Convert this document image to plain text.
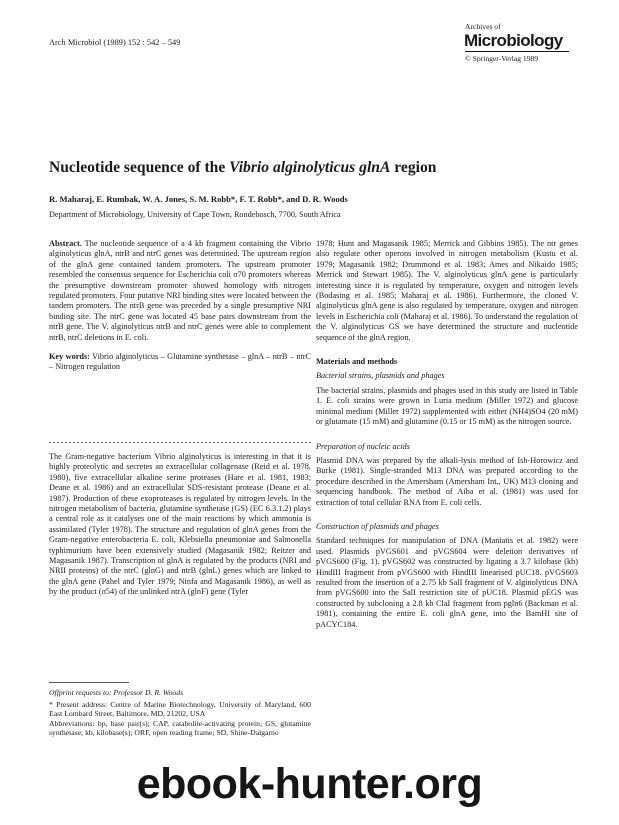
Arch Microbiol (1989) 152 : 542 – 549
Archives of
Microbiology
© Springer-Verlag 1989
Nucleotide sequence of the Vibrio alginolyticus glnA region
R. Maharaj, E. Rumbak, W. A. Jones, S. M. Robb*, F. T. Robb*, and D. R. Woods
Department of Microbiology, University of Cape Town, Rondebosch, 7700, South Africa

Abstract. The nucleotide sequence of a 4 kb fragment containing the Vibrio alginolyticus glnA, ntrB and ntrC genes was determined. The upstream region of the glnA gene contained tandem promoters. The upstream promoter resembled the consensus sequence for Escherichia coli σ70 promoters whereas the presumptive downstream promoter showed homology with nitrogen regulated promoters. Four putative NRI binding sites were located between the tandem promoters. The ntrB gene was preceded by a single presumptive NRI binding site. The ntrC gene was located 45 base pairs downstream from the ntrB gene. The V. alginolyticus ntrB and ntrC genes were able to complement ntrB, ntrC deletions in E. coli.

Key words: Vibrio alginolyticus – Glutamine synthetase – glnA – ntrB – ntrC – Nitrogen regulation

The Gram-negative bacterium Vibrio alginolyticus is interesting in that it is highly proteolytic and secretes an extracellular collagenase (Reid et al. 1978, 1980), five extracellular alkaline serine proteases (Hare et al. 1981, 1983; Deane et al. 1986) and an extracellular SDS-resistant protease (Deane et al. 1987). Production of these exoproteases is regulated by nitrogen levels. In the nitrogen metabolism of bacteria, glutamine synthetase (GS) (EC 6.3.1.2) plays a central role as it catalyses one of the main reactions by which ammonia is assimilated (Tyler 1978). The structure and regulation of glnA genes from the Gram-negative enterobacteria E. coli, Klebsiella pneumoniae and Salmonella typhimurium have been extensively studied (Magasanik 1982; Reitzer and Magasanik 1987). Transcription of glnA is regulated by the products (NRI and NRII proteins) of the ntrC (glnG) and ntrB (glnL) genes which are linked to the glnA gene (Pahel and Tyler 1979; Ninfa and Magasanik 1986), as well as by the product (σ54) of the unlinked ntrA (glnF) gene (Tyler

Offprint requests to: Professor D. R. Woods

* Present address: Centre of Marine Biotechnology, University of Maryland, 600 East Lombard Street, Baltimore, MD, 21202, USA

Abbreviations: bp, base pair(s); CAP, catabolite-activating protein; GS, glutamine synthetase; kb, kilobase(s); ORF, open reading frame; SD, Shine-Dalgarno

1978; Hunt and Magasanik 1985; Merrick and Gibbins 1985). The ntr genes also regulate other operons involved in nitrogen metabolism (Kustu et al. 1979; Magasanik 1982; Drummond et al. 1983; Ames and Nikaido 1985; Merrick and Stewart 1985). The V. alginolyticus glnA gene is particularly interesting since it is regulated by temperature, oxygen and nitrogen levels (Bodasing et al. 1985; Maharaj et al. 1986). Furthermore, the cloned V. alginolyticus glnA gene is also regulated by temperature, oxygen and nitrogen levels in Escherichia coli (Maharaj et al. 1986). To understand the regulation of the V. alginolyticus GS we have determined the structure and nucleotide sequence of the glnA region.

Materials and methods

Bacterial strains, plasmids and phages

The bacterial strains, plasmids and phages used in this study are listed in Table 1. E. coli strains were grown in Luria medium (Miller 1972) and glucose minimal medium (Miller 1972) supplemented with either (NH4)SO4 (20 mM) or glutamate (15 mM) and glutamine (0.15 or 15 mM) as the nitrogen source.

Preparation of nucleic acids

Plasmid DNA was prepared by the alkali-lysis method of Ish-Horowicz and Burke (1981). Single-stranded M13 DNA was prepared according to the procedure described in the Amersham (Amersham Int., UK) M13 cloning and sequencing handbook. The method of Aiba et al. (1981) was used for extraction of total cellular RNA from E. coli cells.

Construction of plasmids and phages

Standard techniques for manipulation of DNA (Maniatis et al. 1982) were used. Plasmids pVGS601 and pVGS604 were deletion derivatives of pVGS600 (Fig. 1). pVGS602 was constructed by ligating a 3.7 kilobase (kb) HindIII fragment from pVGS600 with HindIII linearised pUC18. pVGS603 resulted from the insertion of a 2.75 kb SalI fragment of V. alginolyticus DNA from pVGS600 into the SalI restriction site of pUC18. Plasmid pEGS was constructed by subcloning a 2.8 kb ClaI fragment from pgln6 (Backman et al. 1981), containing the entire E. coli glnA gene, into the BamHI site of pACYC184.

ebook-hunter.org
